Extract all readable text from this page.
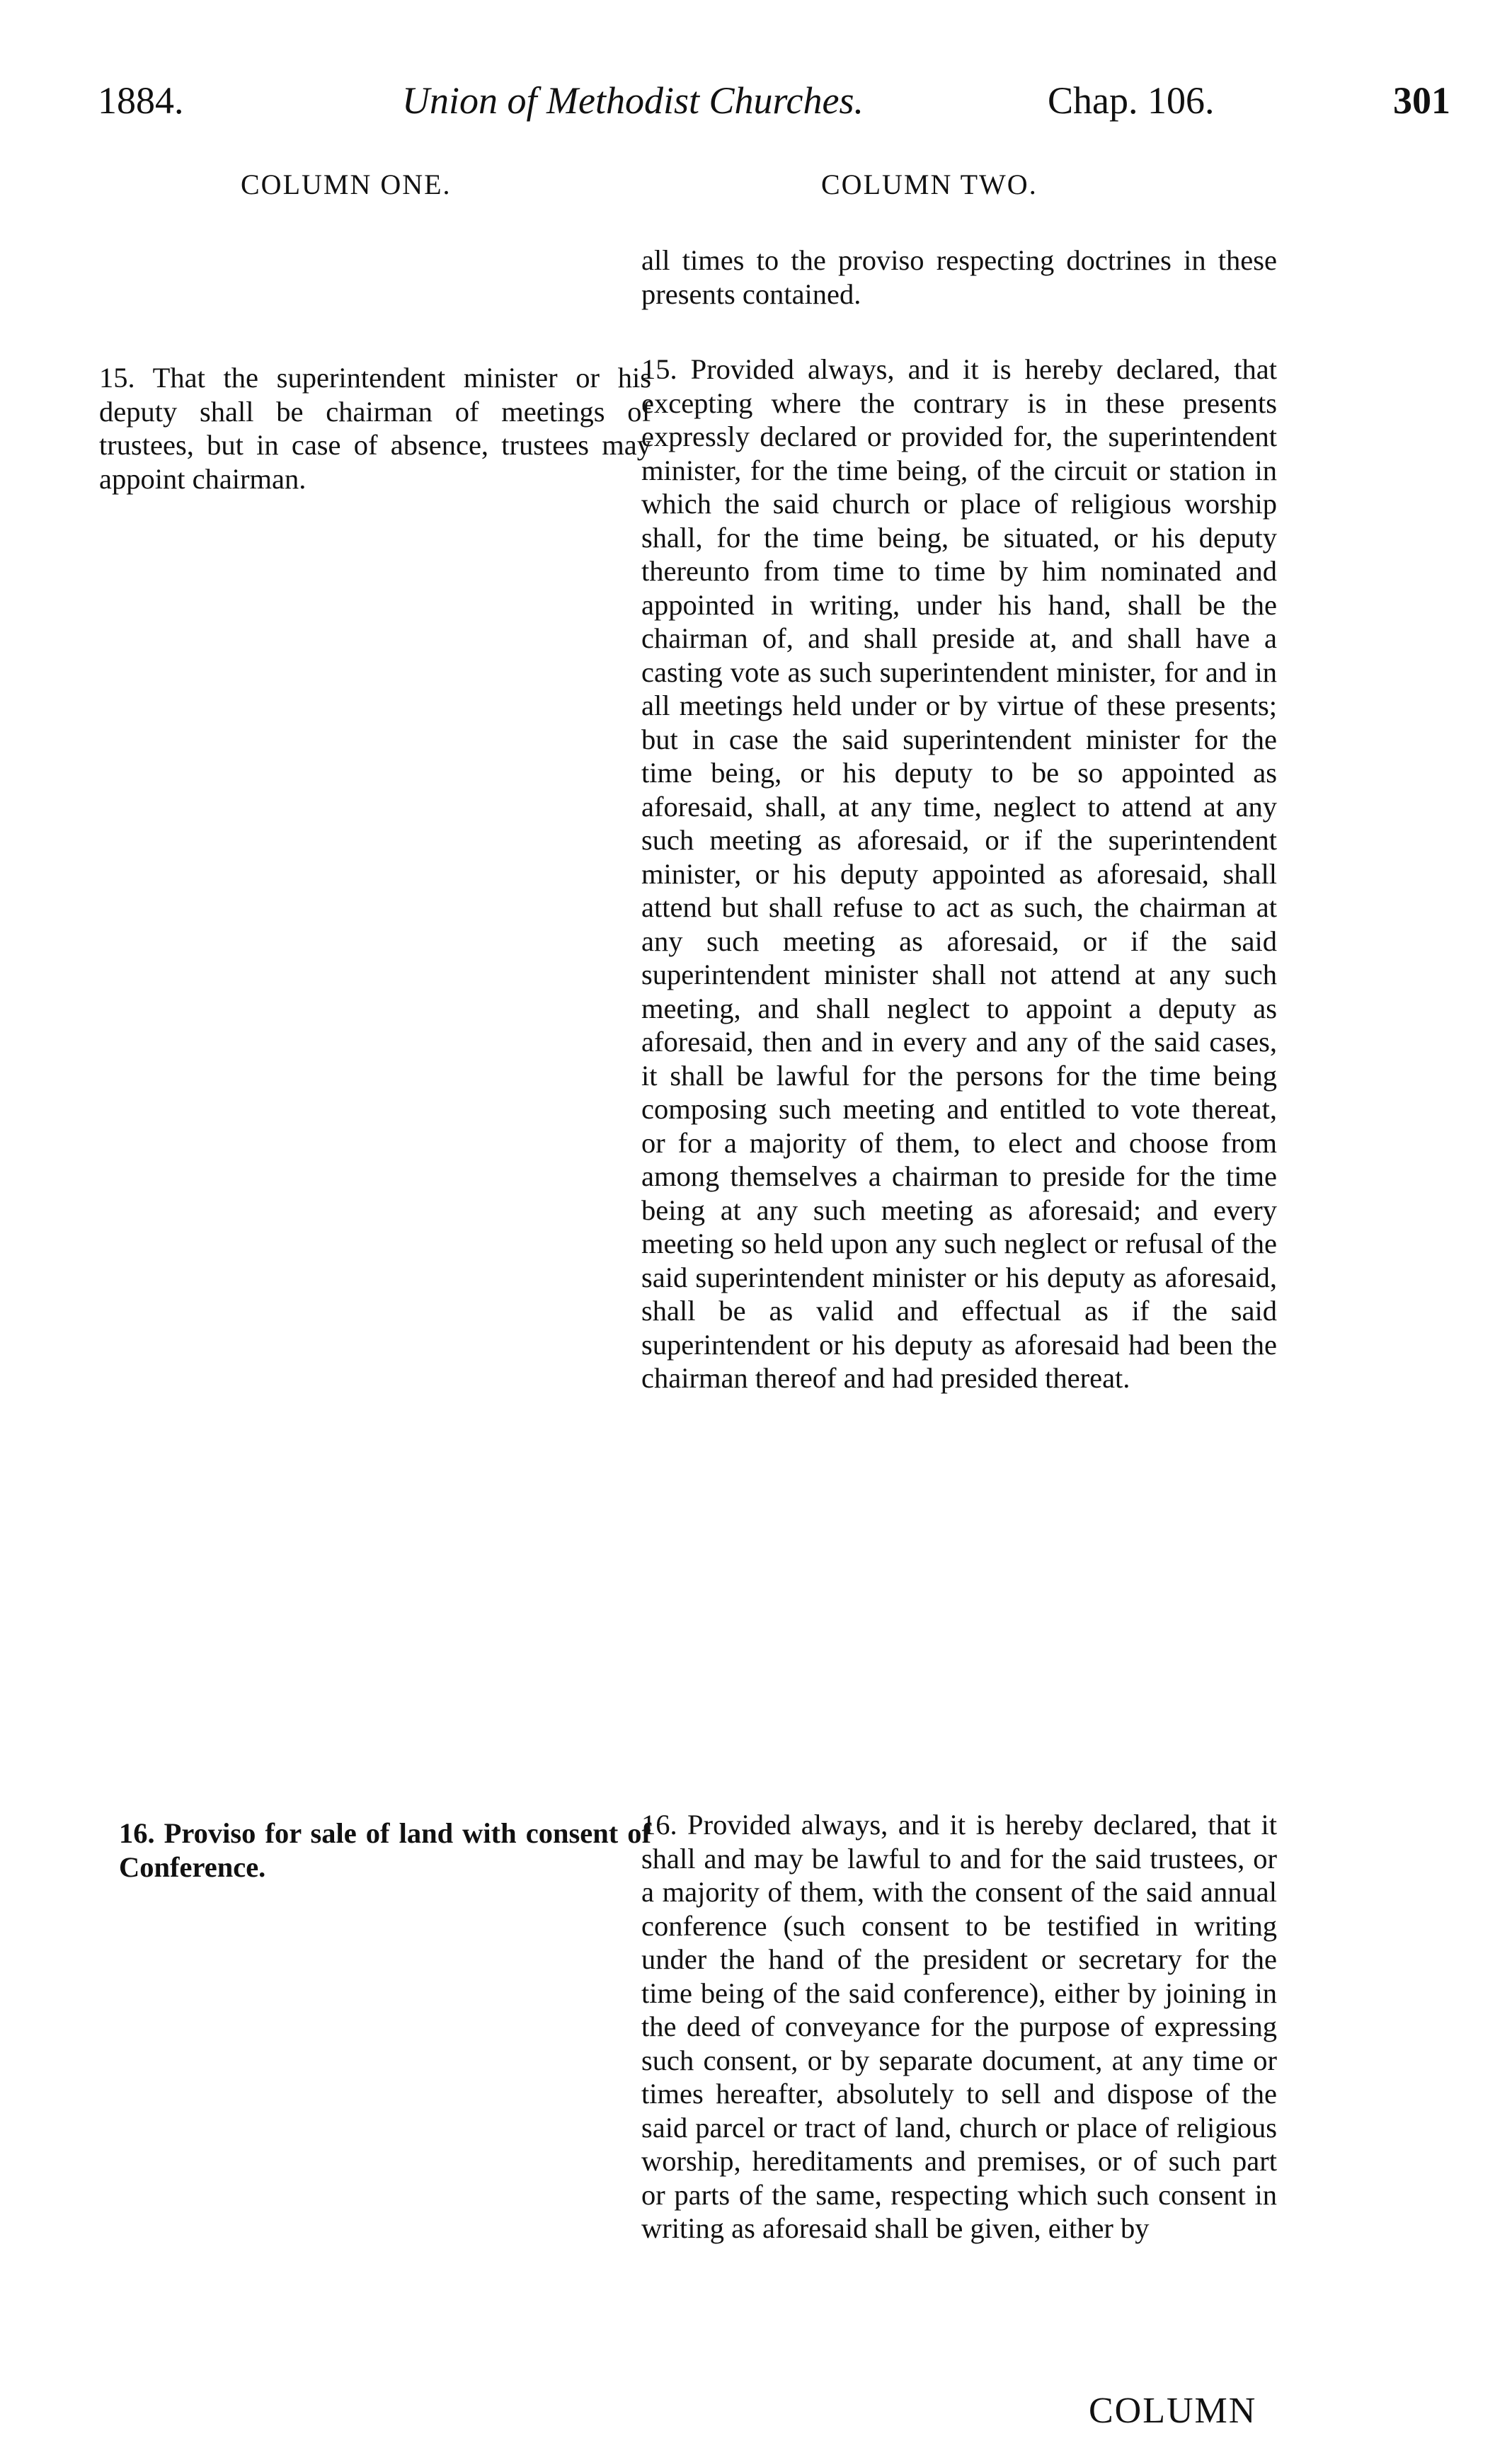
1884.	Union of Methodist Churches.	Chap. 106.	301
COLUMN ONE.	COLUMN TWO.

all times to the proviso respecting doctrines in these presents contained.

15. That the superintendent minister or his deputy shall be chairman of meetings of trustees, but in case of absence, trustees may appoint chairman.

15. Provided always, and it is hereby declared, that excepting where the contrary is in these presents expressly declared or provided for, the superintendent minister, for the time being, of the circuit or station in which the said church or place of religious worship shall, for the time being, be situated, or his deputy thereunto from time to time by him nominated and appointed in writing, under his hand, shall be the chairman of, and shall preside at, and shall have a casting vote as such superintendent minister, for and in all meetings held under or by virtue of these presents; but in case the said superintendent minister for the time being, or his deputy to be so appointed as aforesaid, shall, at any time, neglect to attend at any such meeting as aforesaid, or if the superintendent minister, or his deputy appointed as aforesaid, shall attend but shall refuse to act as such, the chairman at any such meeting as aforesaid, or if the said superintendent minister shall not attend at any such meeting, and shall neglect to appoint a deputy as aforesaid, then and in every and any of the said cases, it shall be lawful for the persons for the time being composing such meeting and entitled to vote thereat, or for a majority of them, to elect and choose from among themselves a chairman to preside for the time being at any such meeting as aforesaid; and every meeting so held upon any such neglect or refusal of the said superintendent minister or his deputy as aforesaid, shall be as valid and effectual as if the said superintendent or his deputy as aforesaid had been the chairman thereof and had presided thereat.

16. Proviso for sale of land with consent of Conference.

16. Provided always, and it is hereby declared, that it shall and may be lawful to and for the said trustees, or a majority of them, with the consent of the said annual conference (such consent to be testified in writing under the hand of the president or secretary for the time being of the said conference), either by joining in the deed of conveyance for the purpose of expressing such consent, or by separate document, at any time or times hereafter, absolutely to sell and dispose of the said parcel or tract of land, church or place of religious worship, hereditaments and premises, or of such part or parts of the same, respecting which such consent in writing as aforesaid shall be given, either by

COLUMN
